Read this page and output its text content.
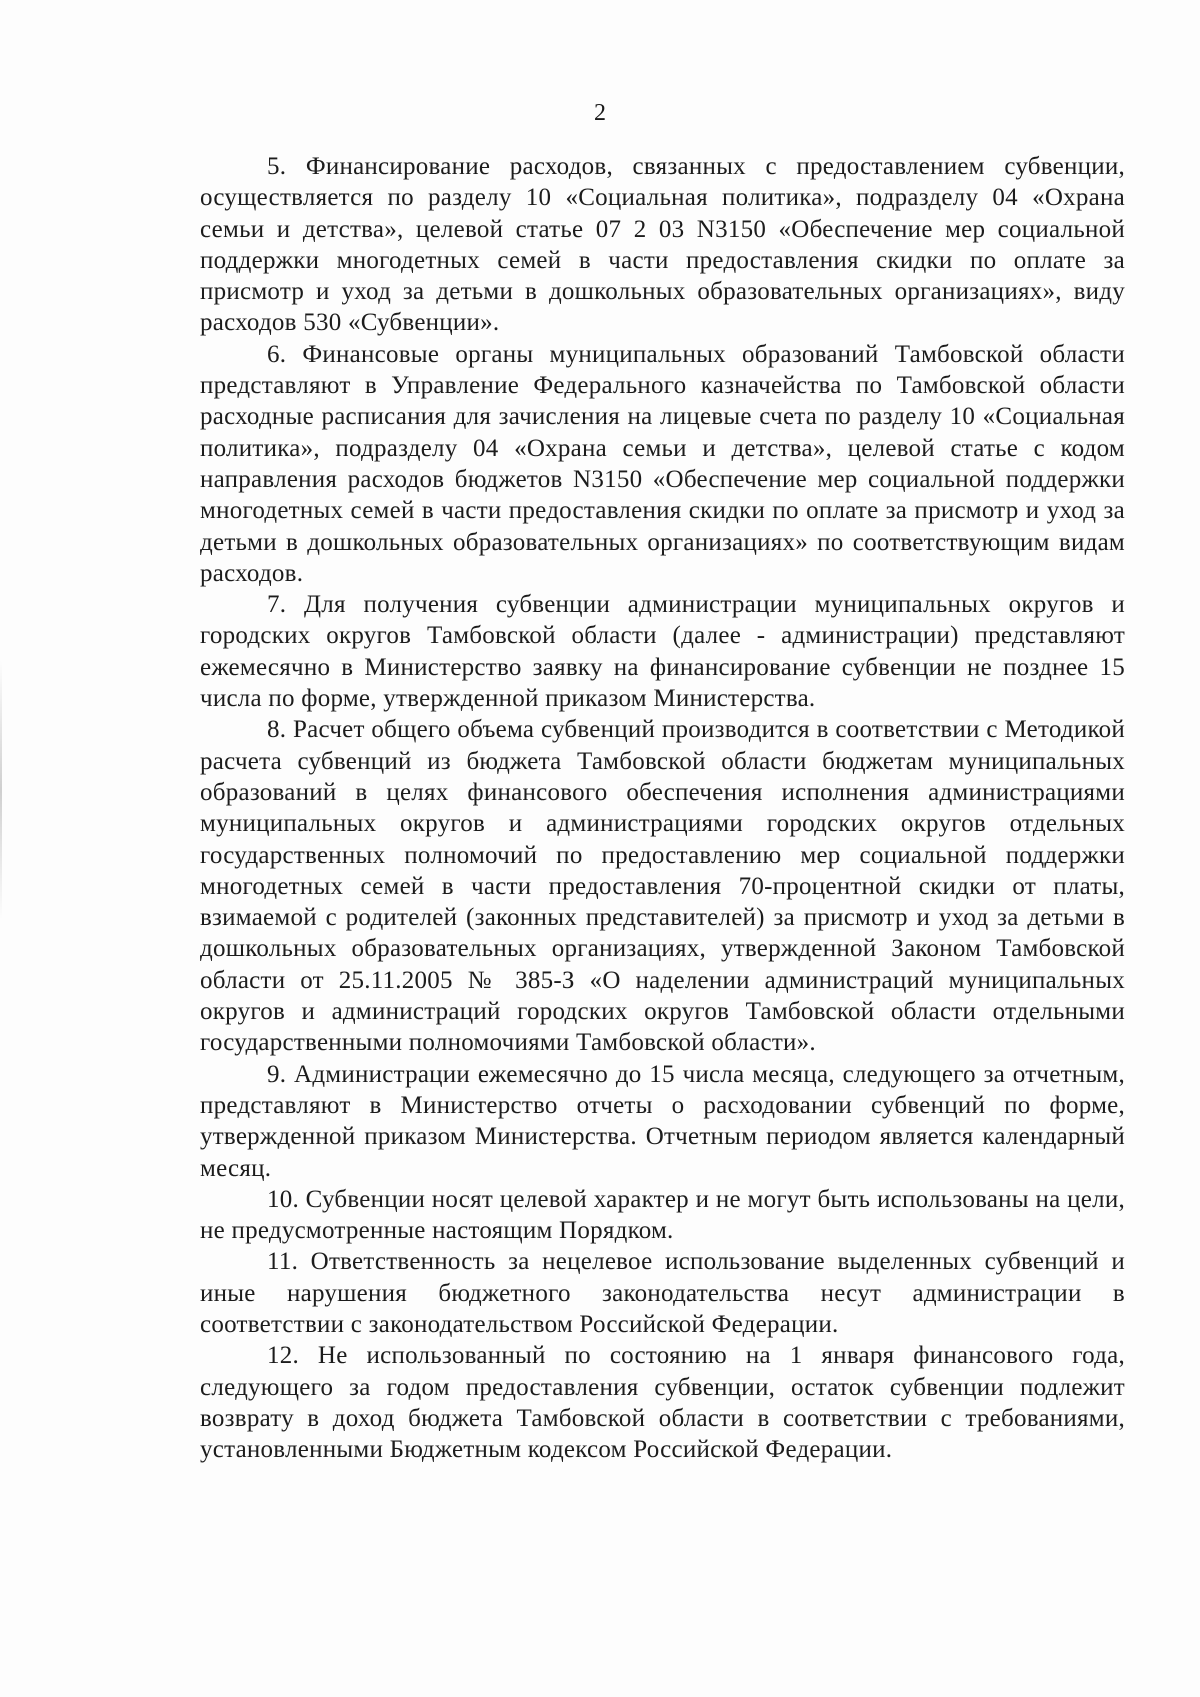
2

5. Финансирование расходов, связанных с предоставлением субвенции, осуществляется по разделу 10 «Социальная политика», подразделу 04 «Охрана семьи и детства», целевой статье 07 2 03 N3150 «Обеспечение мер социальной поддержки многодетных семей в части предоставления скидки по оплате за присмотр и уход за детьми в дошкольных образовательных организациях», виду расходов 530 «Субвенции».

6. Финансовые органы муниципальных образований Тамбовской области представляют в Управление Федерального казначейства по Тамбовской области расходные расписания для зачисления на лицевые счета по разделу 10 «Социальная политика», подразделу 04 «Охрана семьи и детства», целевой статье с кодом направления расходов бюджетов N3150 «Обеспечение мер социальной поддержки многодетных семей в части предоставления скидки по оплате за присмотр и уход за детьми в дошкольных образовательных организациях» по соответствующим видам расходов.

7. Для получения субвенции администрации муниципальных округов и городских округов Тамбовской области (далее - администрации) представляют ежемесячно в Министерство заявку на финансирование субвенции не позднее 15 числа по форме, утвержденной приказом Министерства.

8. Расчет общего объема субвенций производится в соответствии с Методикой расчета субвенций из бюджета Тамбовской области бюджетам муниципальных образований в целях финансового обеспечения исполнения администрациями муниципальных округов и администрациями городских округов отдельных государственных полномочий по предоставлению мер социальной поддержки многодетных семей в части предоставления 70-процентной скидки от платы, взимаемой с родителей (законных представителей) за присмотр и уход за детьми в дошкольных образовательных организациях, утвержденной Законом Тамбовской области от 25.11.2005 № 385-З «О наделении администраций муниципальных округов и администраций городских округов Тамбовской области отдельными государственными полномочиями Тамбовской области».

9. Администрации ежемесячно до 15 числа месяца, следующего за отчетным, представляют в Министерство отчеты о расходовании субвенций по форме, утвержденной приказом Министерства. Отчетным периодом является календарный месяц.

10. Субвенции носят целевой характер и не могут быть использованы на цели, не предусмотренные настоящим Порядком.

11. Ответственность за нецелевое использование выделенных субвенций и иные нарушения бюджетного законодательства несут администрации в соответствии с законодательством Российской Федерации.

12. Не использованный по состоянию на 1 января финансового года, следующего за годом предоставления субвенции, остаток субвенции подлежит возврату в доход бюджета Тамбовской области в соответствии с требованиями, установленными Бюджетным кодексом Российской Федерации.
